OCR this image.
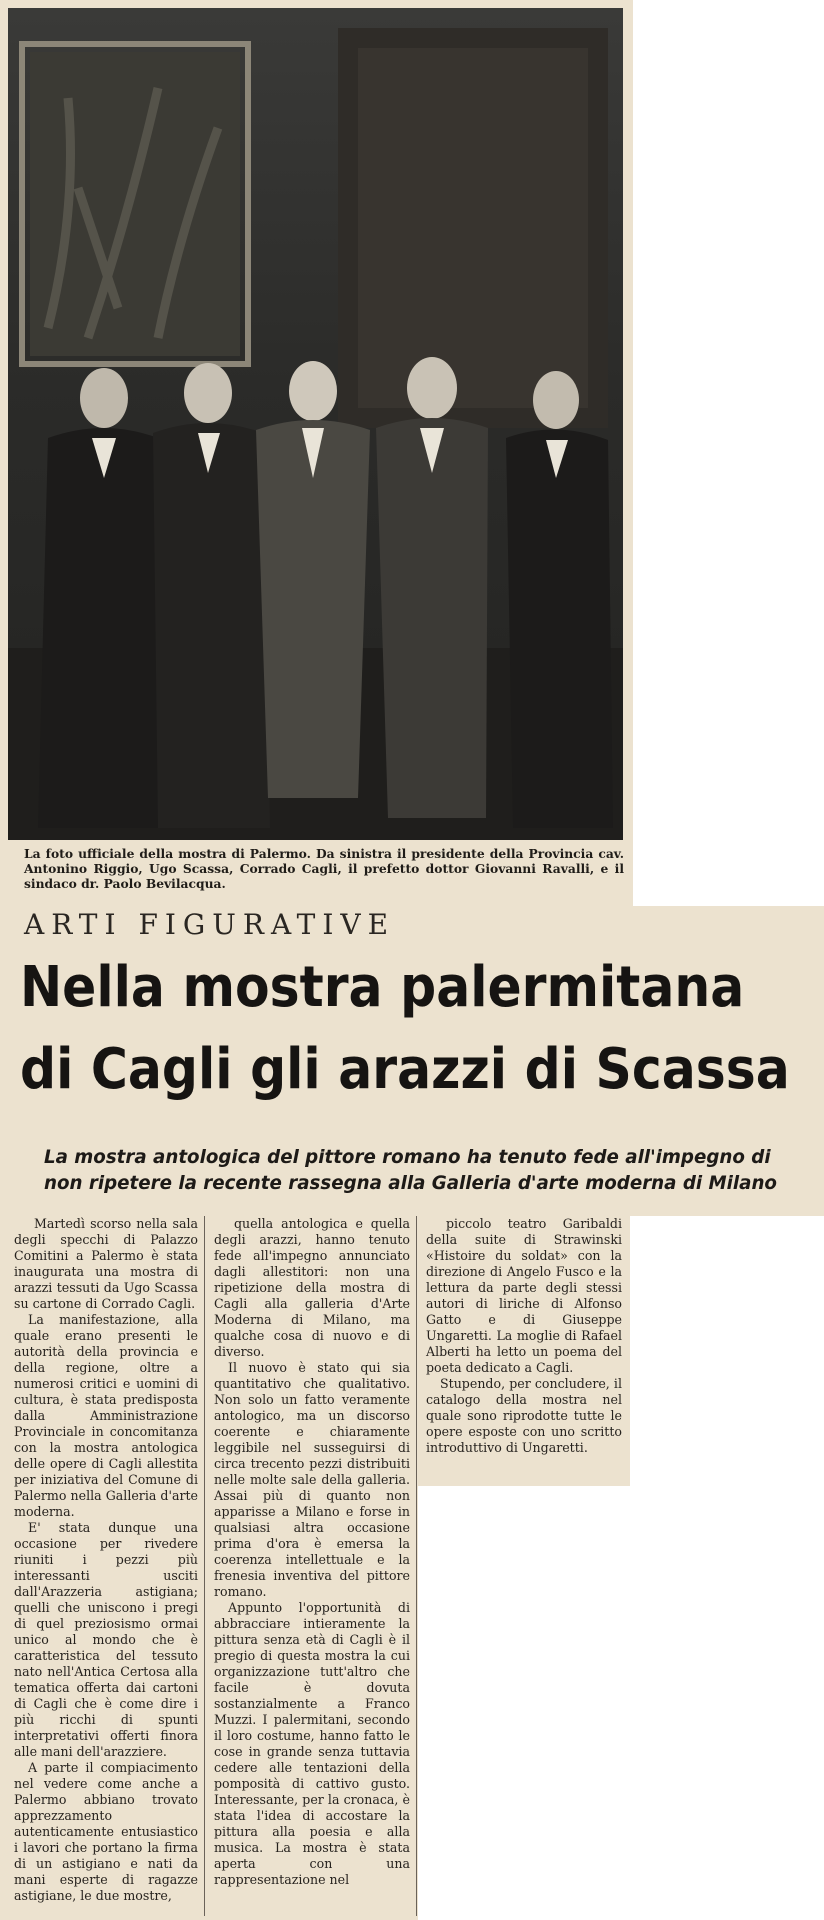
La foto ufficiale della mostra di Palermo. Da sinistra il presidente della Provincia cav. Antonino Riggio, Ugo Scassa, Corrado Cagli, il prefetto dottor Giovanni Ravalli, e il sindaco dr. Paolo Bevilacqua.
ARTI FIGURATIVE
Nella mostra palermitana
di Cagli gli arazzi di Scassa
La mostra antologica del pittore romano ha tenuto fede all'impegno di non ripetere la recente rassegna alla Galleria d'arte moderna di Milano

Martedì scorso nella sala degli specchi di Palazzo Comitini a Palermo è stata inaugurata una mostra di arazzi tessuti da Ugo Scassa su cartone di Corrado Cagli.

La manifestazione, alla quale erano presenti le autorità della provincia e della regione, oltre a numerosi critici e uomini di cultura, è stata predisposta dalla Amministrazione Provinciale in concomitanza con la mostra antologica delle opere di Cagli allestita per iniziativa del Comune di Palermo nella Galleria d'arte moderna.

E' stata dunque una occasione per rivedere riuniti i pezzi più interessanti usciti dall'Arazzeria astigiana; quelli che uniscono i pregi di quel preziosismo ormai unico al mondo che è caratteristica del tessuto nato nell'Antica Certosa alla tematica offerta dai cartoni di Cagli che è come dire i più ricchi di spunti interpretativi offerti finora alle mani dell'arazziere.

A parte il compiacimento nel vedere come anche a Palermo abbiano trovato apprezzamento autenticamente entusiastico i lavori che portano la firma di un astigiano e nati da mani esperte di ragazze astigiane, le due mostre,

quella antologica e quella degli arazzi, hanno tenuto fede all'impegno annunciato dagli allestitori: non una ripetizione della mostra di Cagli alla galleria d'Arte Moderna di Milano, ma qualche cosa di nuovo e di diverso.

Il nuovo è stato qui sia quantitativo che qualitativo. Non solo un fatto veramente antologico, ma un discorso coerente e chiaramente leggibile nel susseguirsi di circa trecento pezzi distribuiti nelle molte sale della galleria. Assai più di quanto non apparisse a Milano e forse in qualsiasi altra occasione prima d'ora è emersa la coerenza intellettuale e la frenesia inventiva del pittore romano.

Appunto l'opportunità di abbracciare intieramente la pittura senza età di Cagli è il pregio di questa mostra la cui organizzazione tutt'altro che facile è dovuta sostanzialmente a Franco Muzzi. I palermitani, secondo il loro costume, hanno fatto le cose in grande senza tuttavia cedere alle tentazioni della pomposità di cattivo gusto. Interessante, per la cronaca, è stata l'idea di accostare la pittura alla poesia e alla musica. La mostra è stata aperta con una rappresentazione nel

piccolo teatro Garibaldi della suite di Strawinski «Histoire du soldat» con la direzione di Angelo Fusco e la lettura da parte degli stessi autori di liriche di Alfonso Gatto e di Giuseppe Ungaretti. La moglie di Rafael Alberti ha letto un poema del poeta dedicato a Cagli.

Stupendo, per concludere, il catalogo della mostra nel quale sono riprodotte tutte le opere esposte con uno scritto introduttivo di Ungaretti.
